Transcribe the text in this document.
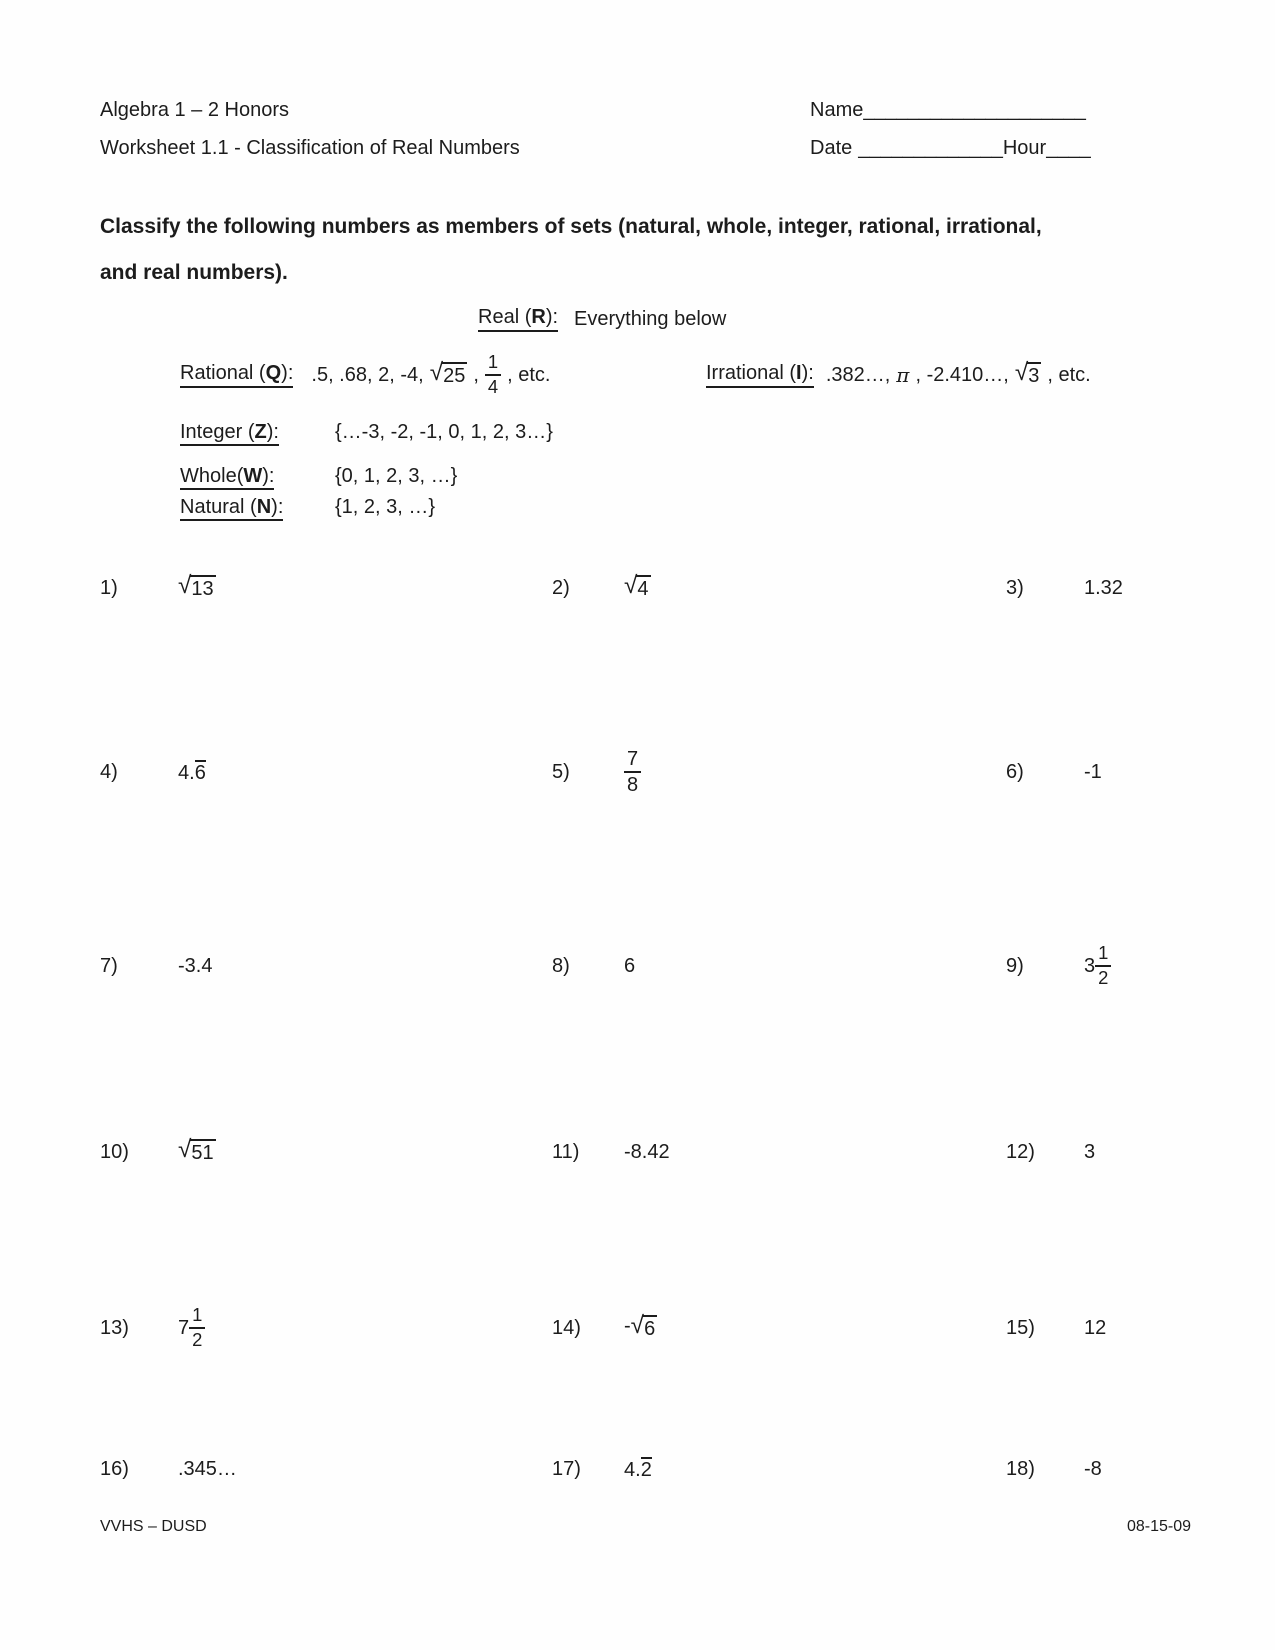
Algebra 1 – 2 Honors
Worksheet 1.1 - Classification of Real Numbers
Name____________________
Date _____________Hour____
Classify the following numbers as members of sets (natural, whole, integer, rational, irrational,
and real numbers).
Real (R): Everything below
Rational (Q): .5, .68, 2, -4, √ 25 , $\frac{1}{4}$ , etc.	Irrational (I): .382…, π , -2.410…, √ 3 , etc.
Integer (Z):	{…-3, -2, -1, 0, 1, 2, 3…}
Whole(W):	{0, 1, 2, 3, …}
Natural (N):	{1, 2, 3, …}
1)	√ 13	2)	√ 4	3)	1.32
4)	4.6	5)	$\frac{7}{8}$	6)	-1
7)	-3.4	8)	6	9)	$3 \frac{1}{2}$
10)	√ 51	11)	-8.42	12)	3
13)	$7 \frac{1}{2}$	14)	- √ 6	15)	12
16)	.345…	17)	4.2	18)	-8
VVHS – DUSD	08-15-09
